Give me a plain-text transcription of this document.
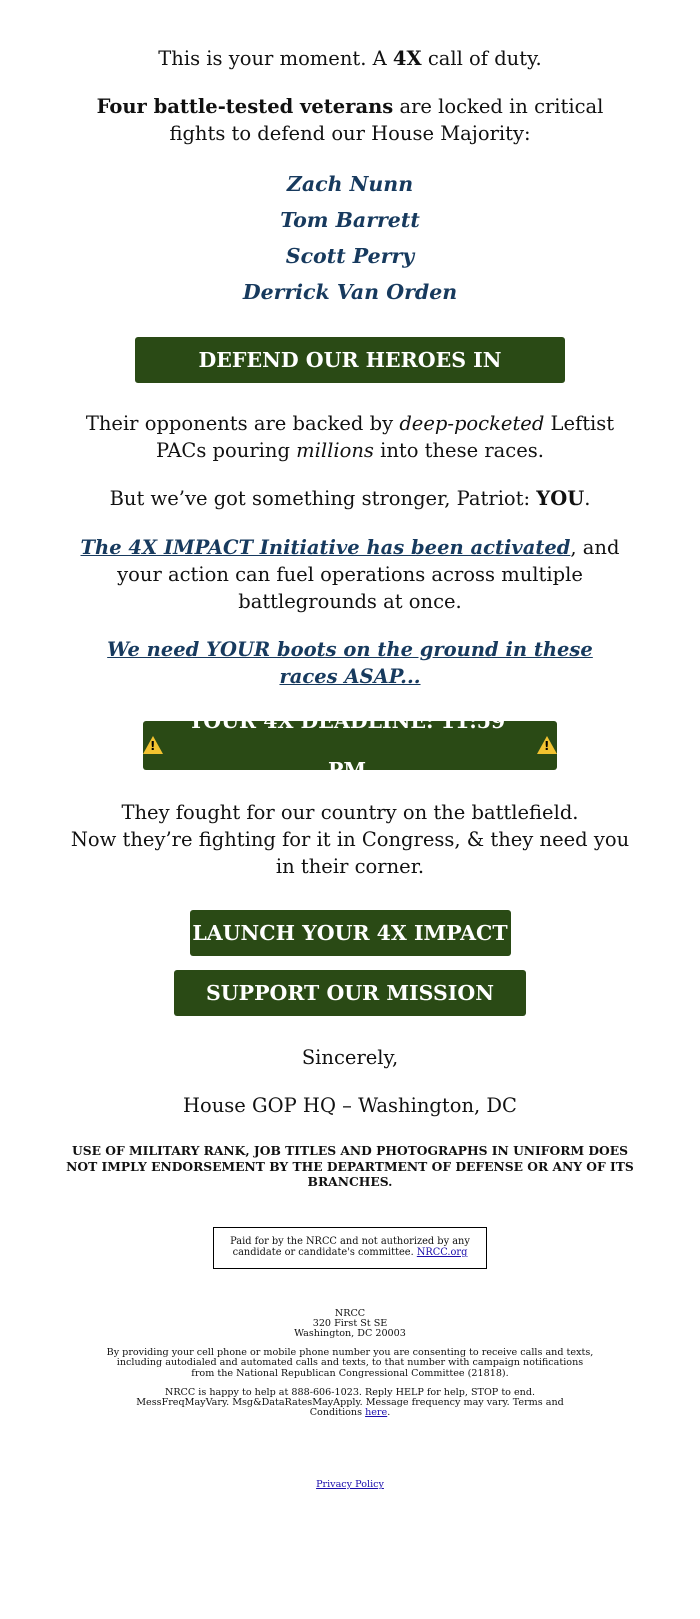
This is your moment. A 4X call of duty.

Four battle-tested veterans are locked in critical fights to defend our House Majority:

Zach Nunn
Tom Barrett
Scott Perry
Derrick Van Orden
DEFEND OUR HEROES IN CONGRESS

Their opponents are backed by deep-pocketed Leftist PACs pouring millions into these races.

But we’ve got something stronger, Patriot: YOU.

The 4X IMPACT Initiative has been activated, and your action can fuel operations across multiple battlegrounds at once.

We need YOUR boots on the ground in these races ASAP...

!
YOUR 4X DEADLINE: 11:59 PM
!

They fought for our country on the battlefield.

Now they’re fighting for it in Congress, & they need you in their corner.

LAUNCH YOUR 4X IMPACT
SUPPORT OUR MISSION NOW

Sincerely,

House GOP HQ – Washington, DC

USE OF MILITARY RANK, JOB TITLES AND PHOTOGRAPHS IN UNIFORM DOES NOT IMPLY ENDORSEMENT BY THE DEPARTMENT OF DEFENSE OR ANY OF ITS BRANCHES.

Paid for by the NRCC and not authorized by any candidate or candidate's committee. NRCC.org

NRCC

320 First St SE

Washington, DC 20003

By providing your cell phone or mobile phone number you are consenting to receive calls and texts, including autodialed and automated calls and texts, to that number with campaign notifications from the National Republican Congressional Committee (21818).

NRCC is happy to help at 888-606-1023. Reply HELP for help, STOP to end. MessFreqMayVary. Msg&DataRatesMayApply. Message frequency may vary. Terms and Conditions here.

Privacy Policy
